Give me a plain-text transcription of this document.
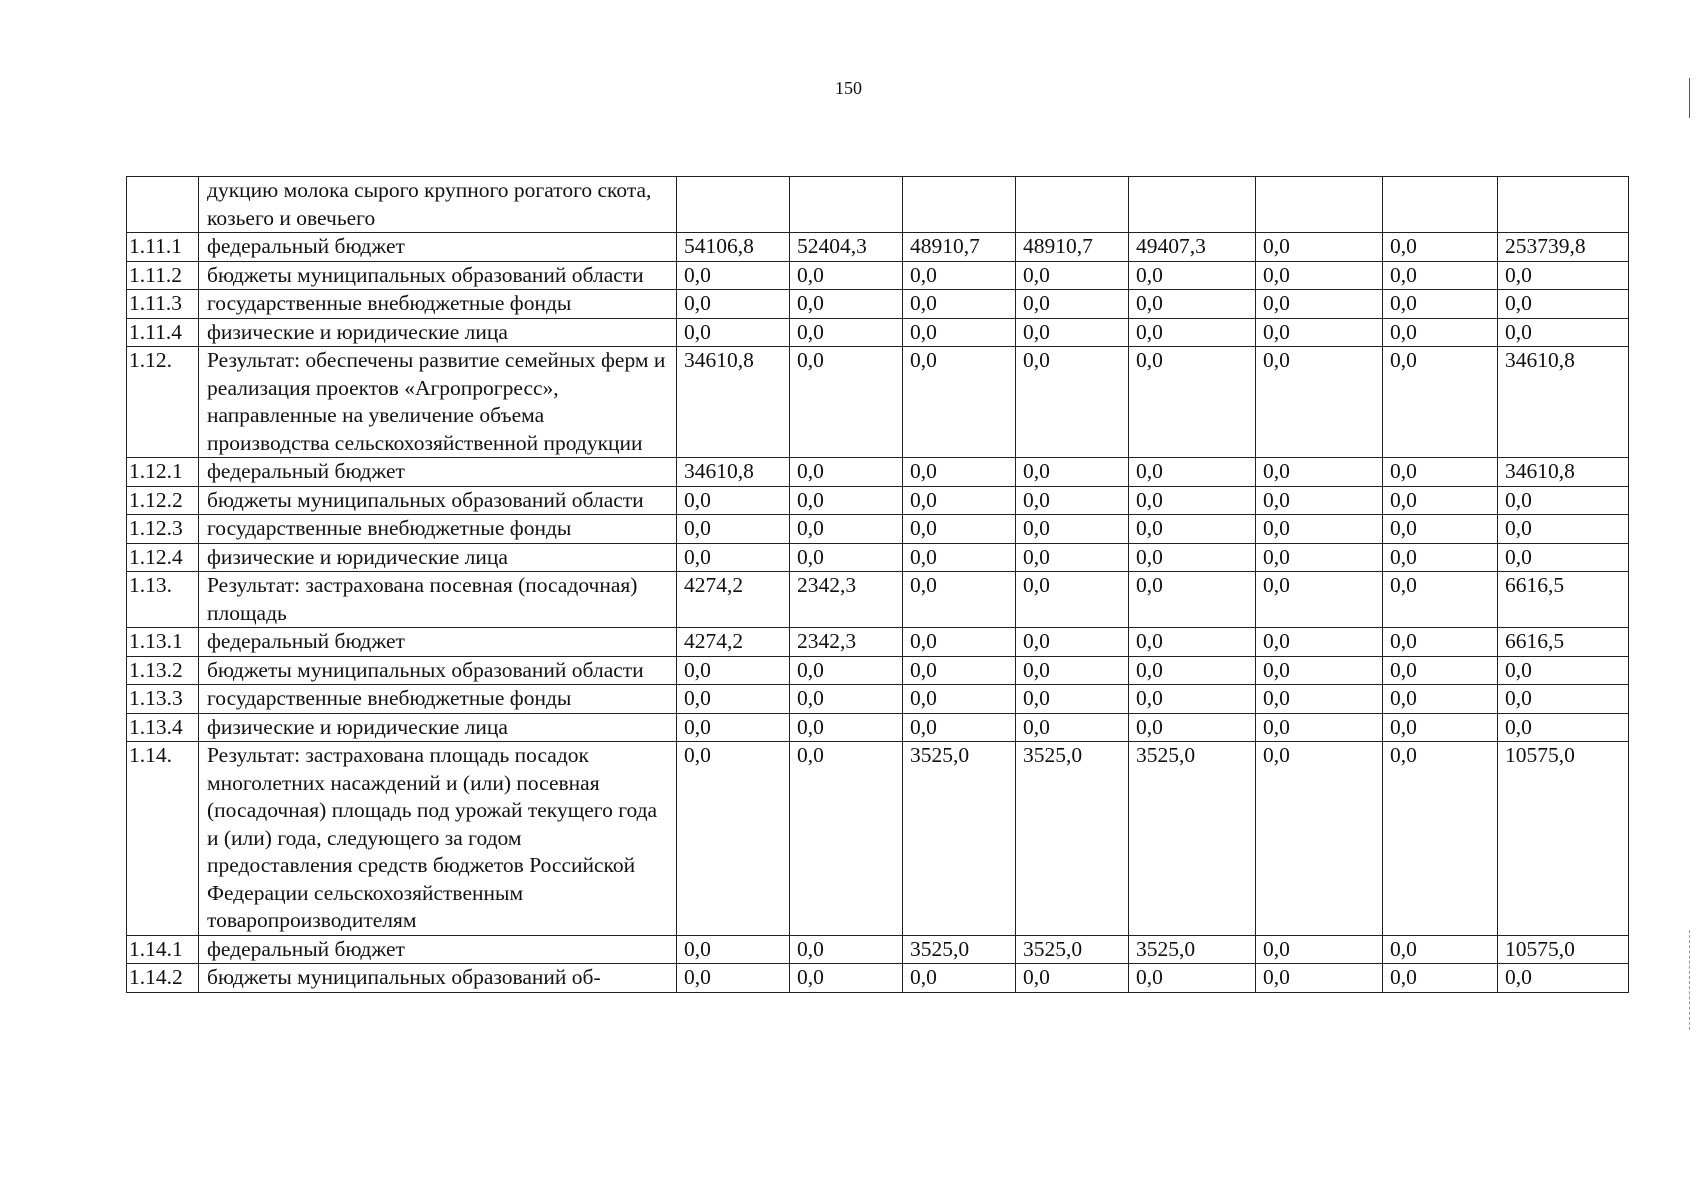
150
	дукцию молока сырого крупного рогатого скота, козьего и овечьего								
1.11.1	федеральный бюджет	54106,8	52404,3	48910,7	48910,7	49407,3	0,0	0,0	253739,8
1.11.2	бюджеты муниципальных образований области	0,0	0,0	0,0	0,0	0,0	0,0	0,0	0,0
1.11.3	государственные внебюджетные фонды	0,0	0,0	0,0	0,0	0,0	0,0	0,0	0,0
1.11.4	физические и юридические лица	0,0	0,0	0,0	0,0	0,0	0,0	0,0	0,0
1.12.	Результат: обеспечены развитие семейных ферм и реализация проектов «Агропрогресс», направленные на увеличение объема производства сельскохозяйственной продукции	34610,8	0,0	0,0	0,0	0,0	0,0	0,0	34610,8
1.12.1	федеральный бюджет	34610,8	0,0	0,0	0,0	0,0	0,0	0,0	34610,8
1.12.2	бюджеты муниципальных образований области	0,0	0,0	0,0	0,0	0,0	0,0	0,0	0,0
1.12.3	государственные внебюджетные фонды	0,0	0,0	0,0	0,0	0,0	0,0	0,0	0,0
1.12.4	физические и юридические лица	0,0	0,0	0,0	0,0	0,0	0,0	0,0	0,0
1.13.	Результат: застрахована посевная (посадочная) площадь	4274,2	2342,3	0,0	0,0	0,0	0,0	0,0	6616,5
1.13.1	федеральный бюджет	4274,2	2342,3	0,0	0,0	0,0	0,0	0,0	6616,5
1.13.2	бюджеты муниципальных образований области	0,0	0,0	0,0	0,0	0,0	0,0	0,0	0,0
1.13.3	государственные внебюджетные фонды	0,0	0,0	0,0	0,0	0,0	0,0	0,0	0,0
1.13.4	физические и юридические лица	0,0	0,0	0,0	0,0	0,0	0,0	0,0	0,0
1.14.	Результат: застрахована площадь посадок многолетних насаждений и (или) посевная (посадочная) площадь под урожай текущего года и (или) года, следующего за годом предоставления средств бюджетов Российской Федерации сельскохозяйственным товаропроизводителям	0,0	0,0	3525,0	3525,0	3525,0	0,0	0,0	10575,0
1.14.1	федеральный бюджет	0,0	0,0	3525,0	3525,0	3525,0	0,0	0,0	10575,0
1.14.2	бюджеты муниципальных образований об-	0,0	0,0	0,0	0,0	0,0	0,0	0,0	0,0
